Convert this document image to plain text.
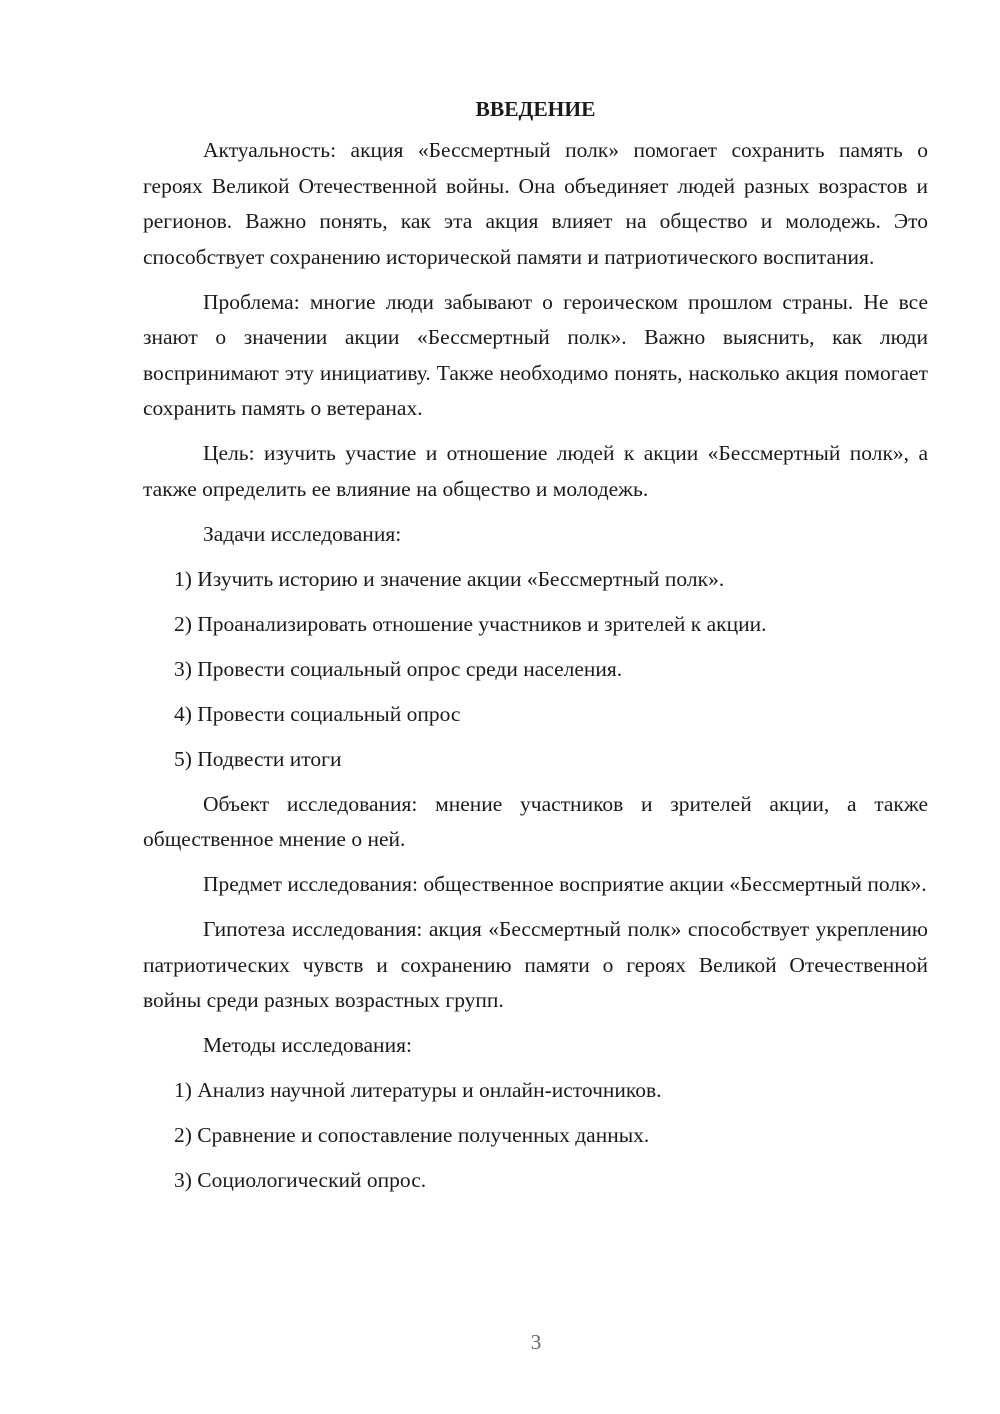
ВВЕДЕНИЕ

Актуальность: акция «Бессмертный полк» помогает сохранить память о героях Великой Отечественной войны. Она объединяет людей разных возрастов и регионов. Важно понять, как эта акция влияет на общество и молодежь. Это способствует сохранению исторической памяти и патриотического воспитания.

Проблема: многие люди забывают о героическом прошлом страны. Не все знают о значении акции «Бессмертный полк». Важно выяснить, как люди воспринимают эту инициативу. Также необходимо понять, насколько акция помогает сохранить память о ветеранах.

Цель: изучить участие и отношение людей к акции «Бессмертный полк», а также определить ее влияние на общество и молодежь.

Задачи исследования:

1) Изучить историю и значение акции «Бессмертный полк».

2) Проанализировать отношение участников и зрителей к акции.

3) Провести социальный опрос среди населения.

4) Провести социальный опрос

5) Подвести итоги

Объект исследования: мнение участников и зрителей акции, а также общественное мнение о ней.

Предмет исследования: общественное восприятие акции «Бессмертный полк».

Гипотеза исследования: акция «Бессмертный полк» способствует укреплению патриотических чувств и сохранению памяти о героях Великой Отечественной войны среди разных возрастных групп.

Методы исследования:

1) Анализ научной литературы и онлайн-источников.

2) Сравнение и сопоставление полученных данных.

3) Социологический опрос.

3
